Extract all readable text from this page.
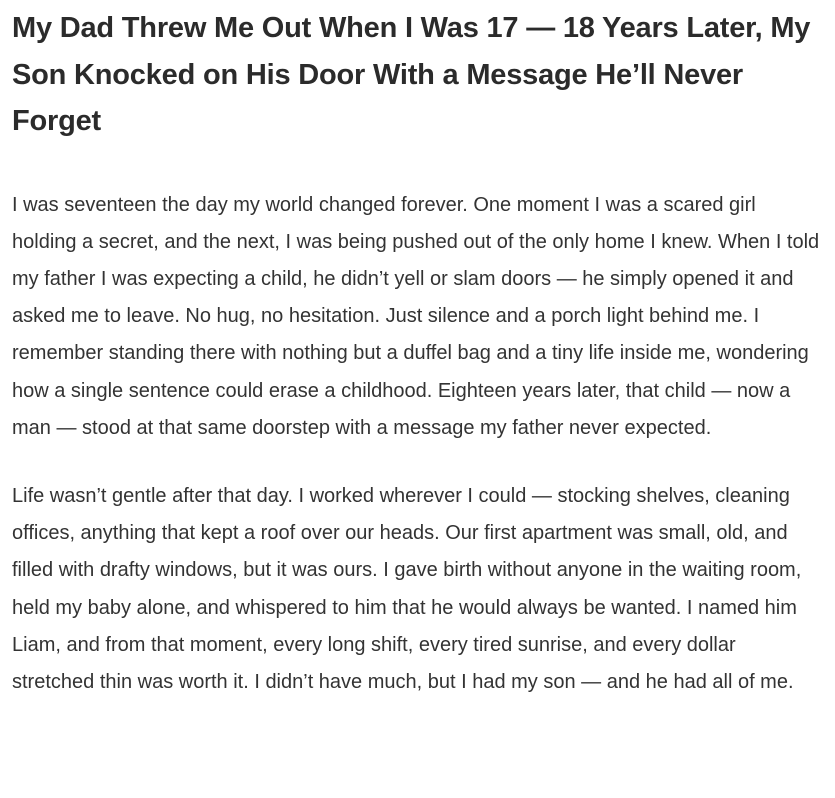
My Dad Threw Me Out When I Was 17 — 18 Years Later, My Son Knocked on His Door With a Message He’ll Never Forget

I was seventeen the day my world changed forever. One moment I was a scared girl holding a secret, and the next, I was being pushed out of the only home I knew. When I told my father I was expecting a child, he didn’t yell or slam doors — he simply opened it and asked me to leave. No hug, no hesitation. Just silence and a porch light behind me. I remember standing there with nothing but a duffel bag and a tiny life inside me, wondering how a single sentence could erase a childhood. Eighteen years later, that child — now a man — stood at that same doorstep with a message my father never expected.

Life wasn’t gentle after that day. I worked wherever I could — stocking shelves, cleaning offices, anything that kept a roof over our heads. Our first apartment was small, old, and filled with drafty windows, but it was ours. I gave birth without anyone in the waiting room, held my baby alone, and whispered to him that he would always be wanted. I named him Liam, and from that moment, every long shift, every tired sunrise, and every dollar stretched thin was worth it. I didn’t have much, but I had my son — and he had all of me.
